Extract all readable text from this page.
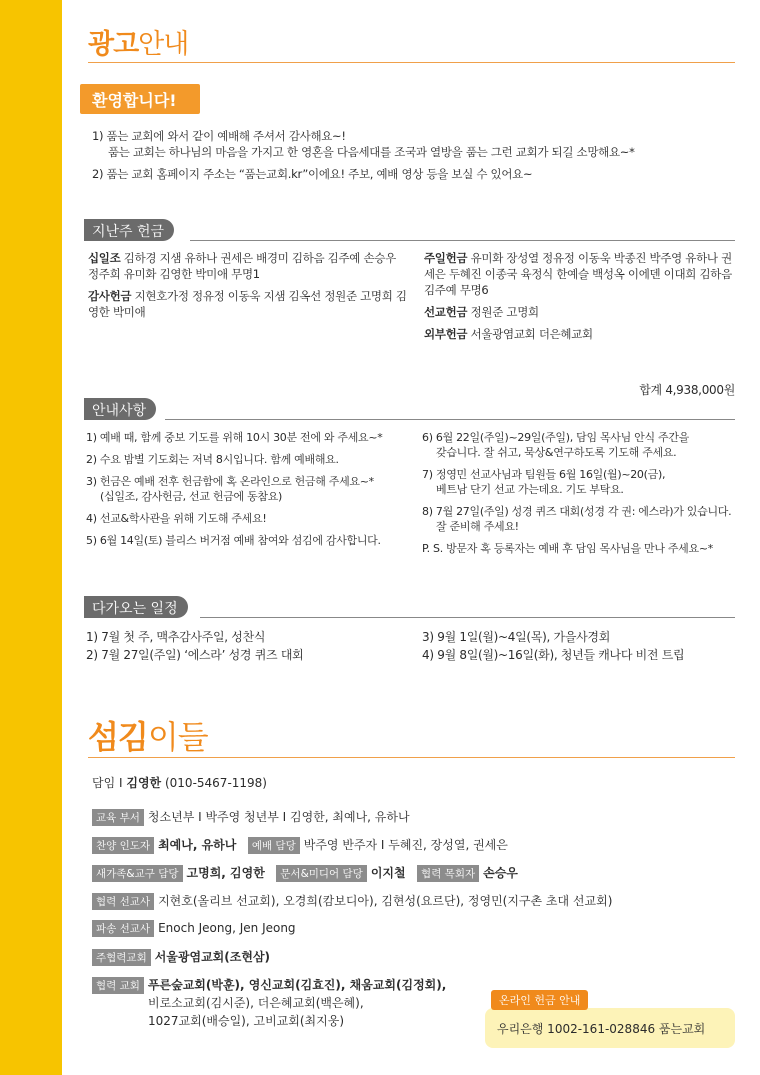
광고안내
환영합니다!
1) 품는 교회에 와서 같이 예배해 주셔서 감사해요~!
품는 교회는 하나님의 마음을 가지고 한 영혼을 다음세대를 조국과 열방을 품는 그런 교회가 되길 소망해요~*
2) 품는 교회 홈페이지 주소는 “품는교회.kr”이에요! 주보, 예배 영상 등을 보실 수 있어요~
지난주 헌금
십일조 김하경 지샘 유하나 권세은 배경미 김하음 김주예 손승우 정주희 유미화 김영한 박미애 무명1
감사헌금 지현호가정 정유정 이동욱 지샘 김옥선 정원준 고명희 김영한 박미애
주일헌금 유미화 장성열 정유정 이동욱 박종진 박주영 유하나 권세은 두혜진 이종국 육정식 한예슬 백성옥 이에덴 이대희 김하음 김주예 무명6
선교헌금 정원준 고명희
외부헌금 서울광염교회 더은혜교회
합계 4,938,000원
안내사항
1) 예배 때, 함께 중보 기도를 위해 10시 30분 전에 와 주세요~*
2) 수요 밤별 기도회는 저녁 8시입니다. 함께 예배해요.
3) 헌금은 예배 전후 헌금함에 혹 온라인으로 헌금해 주세요~*
(십일조, 감사헌금, 선교 헌금에 동참요)
4) 선교&학사관을 위해 기도해 주세요!
5) 6월 14일(토) 블리스 버거점 예배 참여와 섬김에 감사합니다.
6) 6월 22일(주일)~29일(주일), 담임 목사님 안식 주간을
갖습니다. 잘 쉬고, 묵상&연구하도록 기도해 주세요.
7) 정영민 선교사님과 팀원들 6월 16일(월)~20(금),
베트남 단기 선교 가는데요. 기도 부탁요.
8) 7월 27일(주일) 성경 퀴즈 대회(성경 각 권: 에스라)가 있습니다.
잘 준비해 주세요!
P. S. 방문자 혹 등록자는 예배 후 담임 목사님을 만나 주세요~*
다가오는 일정
1) 7월 첫 주, 맥추감사주일, 성찬식
2) 7월 27일(주일) ‘에스라’ 성경 퀴즈 대회
3) 9월 1일(월)~4일(목), 가을사경회
4) 9월 8일(월)~16일(화), 청년들 캐나다 비전 트립
섬김이들
담임 I 김영한 (010-5467-1198)
교육 부서 청소년부 I 박주영 청년부 I 김영한, 최예나, 유하나
찬양 인도자 최예나, 유하나 예배 담당 박주영 반주자 I 두혜진, 장성열, 권세은
새가족&교구 담당 고명희, 김영한 문서&미디어 담당 이지철 협력 목회자 손승우
협력 선교사 지현호(올리브 선교회), 오경희(캄보디아), 김현성(요르단), 정영민(지구촌 초대 선교회)
파송 선교사 Enoch Jeong, Jen Jeong
주협력교회 서울광염교회(조현삼)
협력 교회 푸른숲교회(박훈), 영신교회(김효진), 채움교회(김정회),
비로소교회(김시준), 더은혜교회(백은혜),
1027교회(배승일), 고비교회(최지웅)
우리은행 1002-161-028846 품는교회
온라인 헌금 안내
